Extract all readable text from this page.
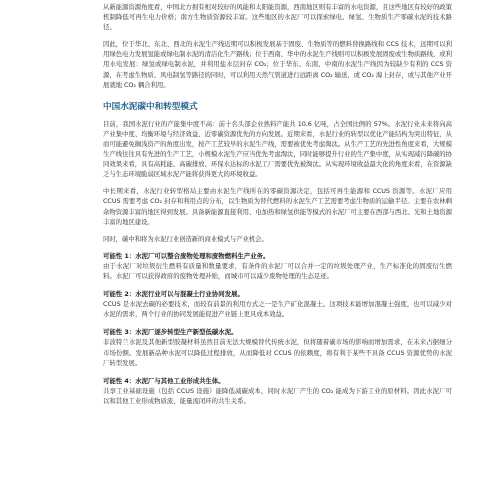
从新能源资源角度看，中国北方拥有相对较好的风能和太阳能资源，西南地区则有丰富的水电资源，且这些地区有较好的政策机制降低可再生电力价格；南方生物质资源较丰富。这些地区的水泥厂可以探索绿电、绿氢、生物质生产零碳水泥的技术路径。

因此，位于华北、东北、西北的水泥生产线近期可以积极发展基于固废、生物质等的燃料替换路线和 CCS 技术，远期可以利用绿色电力发展氢能或绿电制水泥的清洁化生产路线；位于西南、华中的水泥生产线则可以积极发展固废或生物质路线，或利用水电发展：绿氢或绿电制水泥，并利用盐水层封存 CO₂；位于华东、东南、中南的水泥生产线因为较缺少有利的 CCS 资源，在考虑生物质、风电制氢等路径的同时，可以利用天然气管道进行远距离 CO₂ 输送，或 CO₂ 海上封存，或与其他产业开展就地 CO₂ 耦合利用。

中国水泥碳中和转型模式

目前，我国水泥行业的产能集中度不高：前十名头部企业熟料产能共 10.6 亿吨，占全国比例的 57%。水泥行业未来将向高产业集中度、均衡环境与经济效益、近零碳资源优先的方向发展。近期来看，水泥行业的转型以优化产能结构为突出特征，从而可能避免搁浅资产的角度出发，按产工艺较早的水泥生产线，需要被优先考虑淘汰。从生产工艺的先进性角度来看，大规模生产线往往具有先进的生产工艺，小规模水泥生产应当优先考虑淘汰，同时能够提升行业的生产集中度，从实现减污降碳的协同效果来看，具有高耗能、高碳排放、环保水达标的水泥工厂需要优先被淘汰。从实现环境收益最大化的角度来看，在资源缺乏与生态环境脆弱区域水泥产能将获得更大的环境收益。

中长期来看，水泥行业转型格局主要由水泥生产线所在的零碳资源决定，包括可再生能源和 CCUS 资源等。水泥厂应用 CCUS 需要考虑 CO₂ 封存和利用点的分布，以生物质为替代燃料的水泥生产工艺需要考虑生物质的运输半径。主要在农林剩余物资源丰富的地区得到发展。具备新能源直接利用、电加热和绿氢供能等模式的水泥厂可主要在西部与西北、光和土地资源丰富的地区建设。

同时，碳中和将为水泥行业创造新的商业模式与产业机会。

可能性 1：水泥厂可以整合废物处理和废物燃料生产业务。

由于水泥厂对垃圾衍生燃料有质量和数量要求，有条件的水泥厂可以合并一定的垃圾处理产业，生产标准化的固废衍生燃料。水泥厂可以获得政府的废物处理补贴，而城市可以减少废物处理的生态足迹。

可能性 2：水泥行业可以与混凝土行业协同发展。

CCUS 是水泥去碳的必要技术，而较有前景的利用方式之一是生产矿化混凝土。这项技术能增加混凝土强度，也可以减少对水泥的需求，两个行业的协同发展能促进产业链上更具成本效益。

可能性 3：水泥厂逐步转型生产新型低碳水泥。

非波特兰水泥及其他新型胶凝材料虽然目前无法大规模替代传统水泥，但将随着碳市场的影响而增加需求，在未来占据细分市场份额。发展新品种水泥可以降低过程排放，从而降低对 CCUS 的依赖度，将有利于某些不具备 CCUS 资源优势的水泥厂转型发展。

可能性 4：水泥厂与其他工业形成共生体。

共享工业基础设施（包括 CCUS 设施）能降低减碳成本，同时水泥厂产生的 CO₂ 能成为下游工业的原材料。因此水泥厂可以和其他工业形成物质流、能量流闭环的共生关系。
